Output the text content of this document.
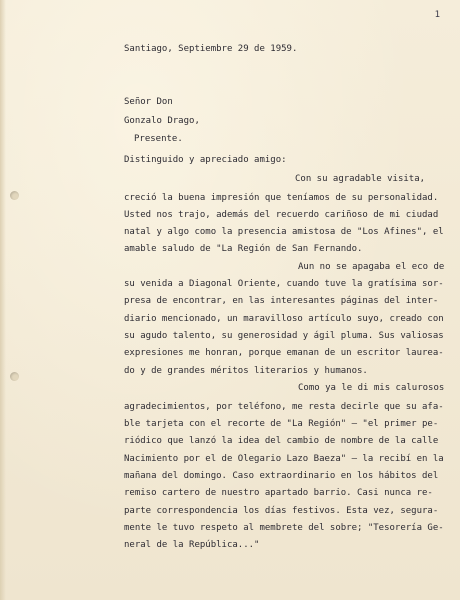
1
Santiago, Septiembre 29 de 1959.
Señor Don
Gonzalo Drago,
Presente.
Distinguido y apreciado amigo:
Con su agradable visita,
creció la buena impresión que teníamos de su personalidad.
Usted nos trajo, además del recuerdo cariñoso de mi ciudad
natal y algo como la presencia amistosa de "Los Afines", el
amable saludo de "La Región de San Fernando.
Aun no se apagaba el eco de
su venida a Diagonal Oriente, cuando tuve la gratísima sor-
presa de encontrar, en las interesantes páginas del inter-
diario mencionado, un maravilloso artículo suyo, creado con
su agudo talento, su generosidad y ágil pluma. Sus valiosas
expresiones me honran, porque emanan de un escritor laurea-
do y de grandes méritos literarios y humanos.
Como ya le di mis calurosos
agradecimientos, por teléfono, me resta decirle que su afa-
ble tarjeta con el recorte de "La Región" — "el primer pe-
riódico que lanzó la idea del cambio de nombre de la calle
Nacimiento por el de Olegario Lazo Baeza" — la recibí en la
mañana del domingo. Caso extraordinario en los hábitos del
remiso cartero de nuestro apartado barrio. Casi nunca re-
parte correspondencia los días festivos. Esta vez, segura-
mente le tuvo respeto al membrete del sobre; "Tesorería Ge-
neral de la República..."
